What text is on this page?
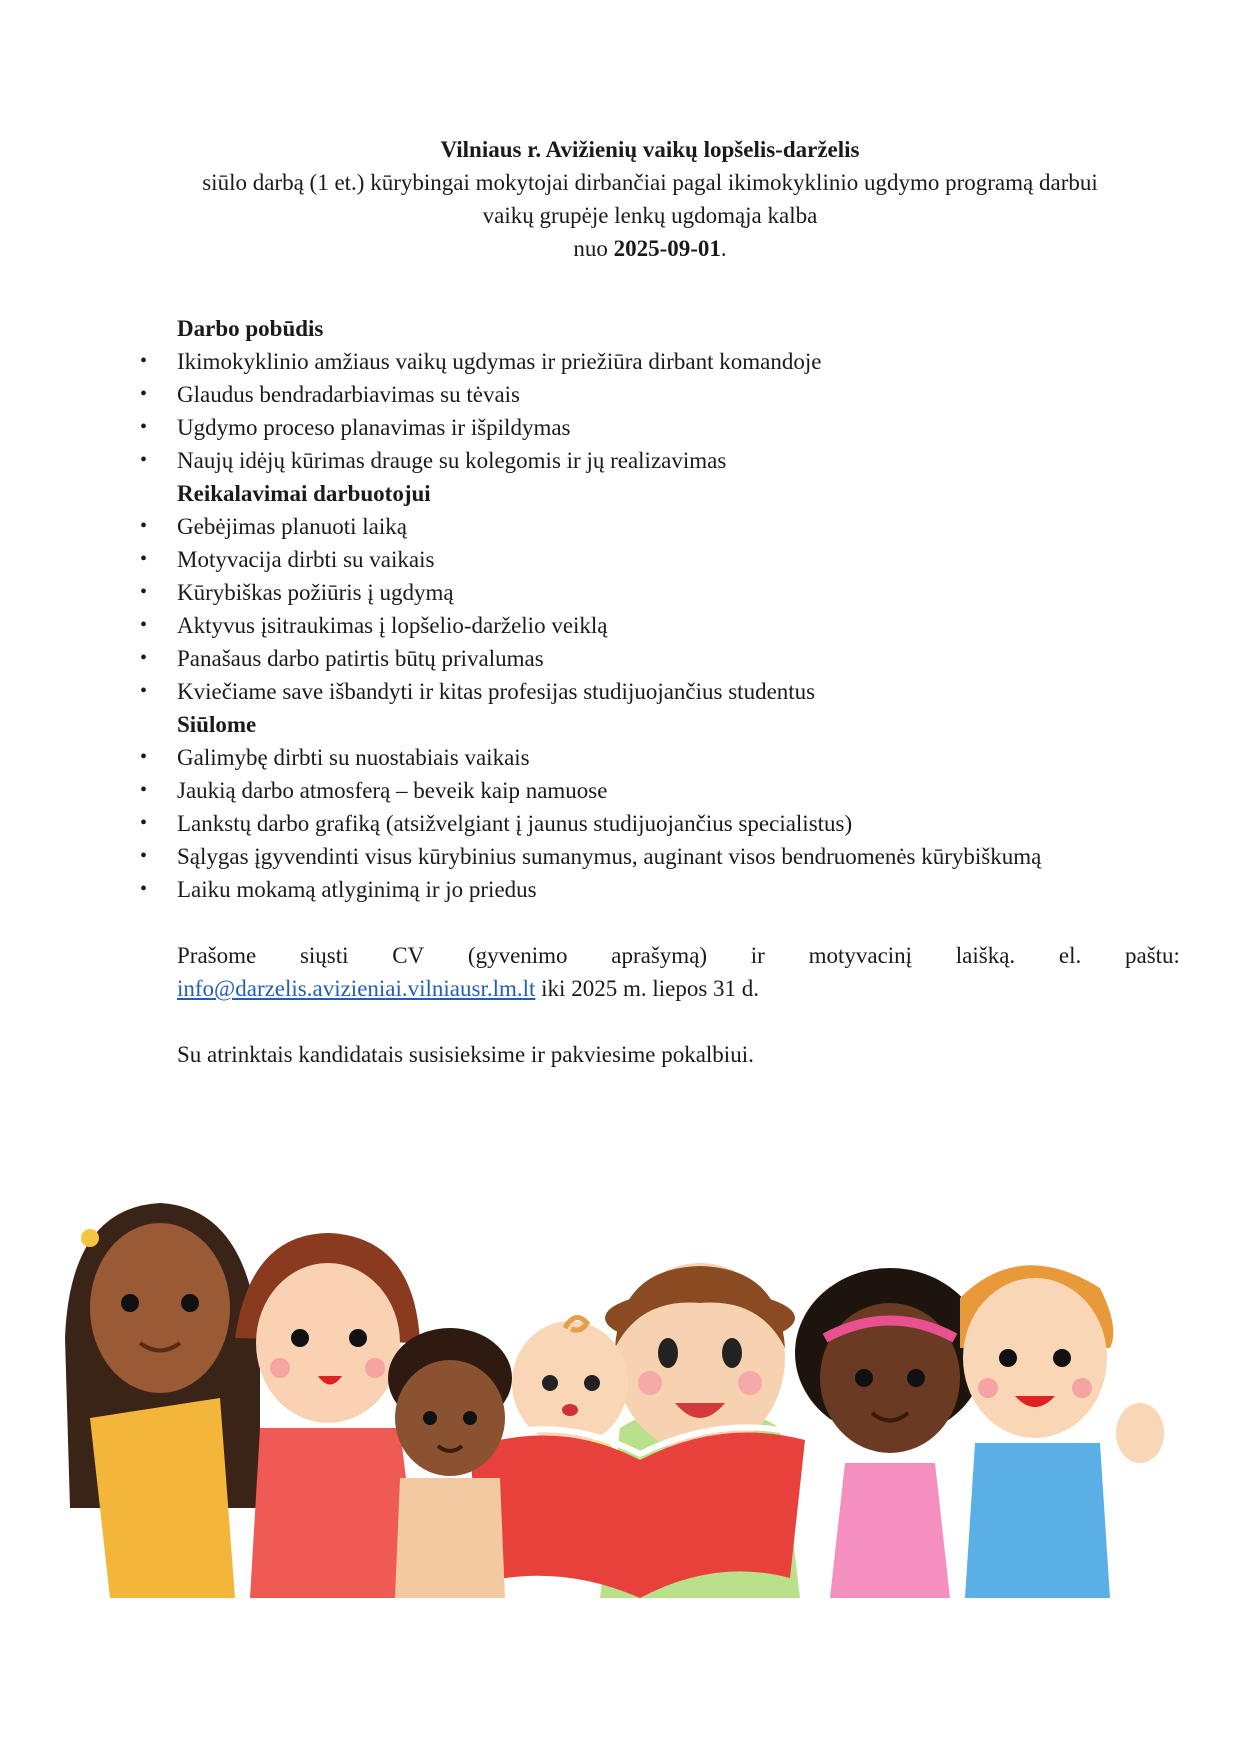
Vilniaus r. Avižienių vaikų lopšelis-darželis
siūlo darbą (1 et.) kūrybingai mokytojai dirbančiai pagal ikimokyklinio ugdymo programą darbui
vaikų grupėje lenkų ugdomąja kalba
nuo 2025-09-01.
Darbo pobūdis
• Ikimokyklinio amžiaus vaikų ugdymas ir priežiūra dirbant komandoje
• Glaudus bendradarbiavimas su tėvais
• Ugdymo proceso planavimas ir išpildymas
• Naujų idėjų kūrimas drauge su kolegomis ir jų realizavimas
Reikalavimai darbuotojui
• Gebėjimas planuoti laiką
• Motyvacija dirbti su vaikais
• Kūrybiškas požiūris į ugdymą
• Aktyvus įsitraukimas į lopšelio-darželio veiklą
• Panašaus darbo patirtis būtų privalumas
• Kviečiame save išbandyti ir kitas profesijas studijuojančius studentus
Siūlome
• Galimybę dirbti su nuostabiais vaikais
• Jaukią darbo atmosferą – beveik kaip namuose
• Lankstų darbo grafiką (atsižvelgiant į jaunus studijuojančius specialistus)
• Sąlygas įgyvendinti visus kūrybinius sumanymus, auginant visos bendruomenės kūrybiškumą
• Laiku mokamą atlyginimą ir jo priedus
Prašome siųsti CV (gyvenimo aprašymą) ir motyvacinį laišką. el. paštu:
info@darzelis.avizieniai.vilniausr.lm.lt iki 2025 m. liepos 31 d.
Su atrinktais kandidatais susisieksime ir pakviesime pokalbiui.
